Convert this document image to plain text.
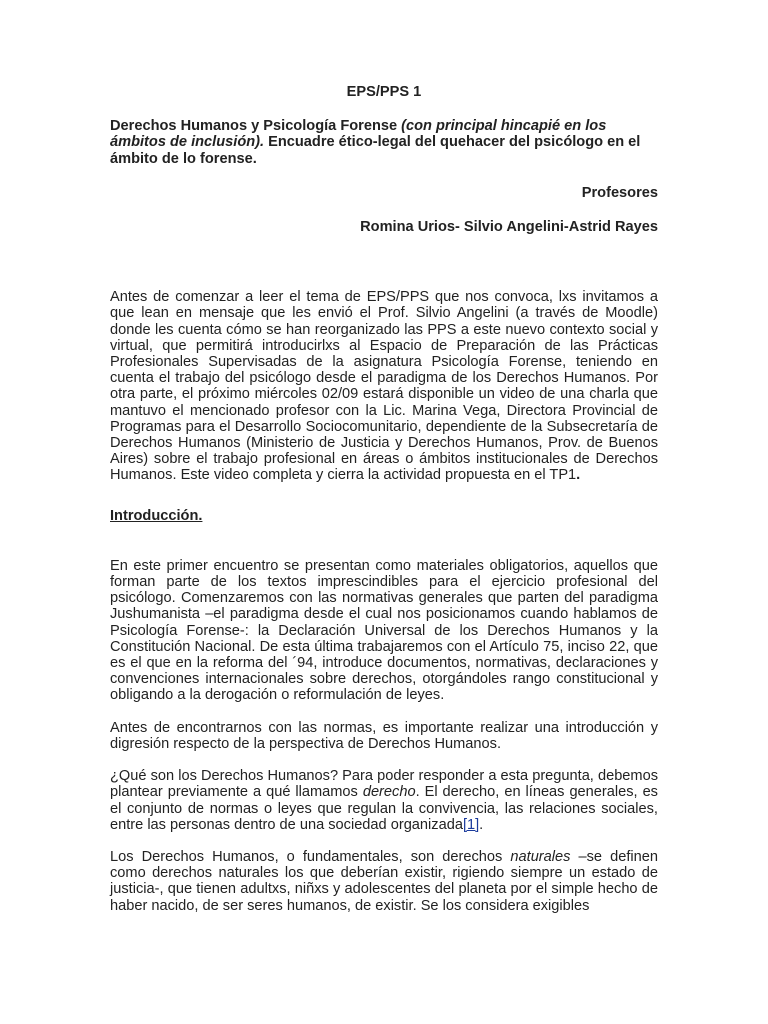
EPS/PPS 1
Derechos Humanos y Psicología Forense (con principal hincapié en los ámbitos de inclusión). Encuadre ético-legal del quehacer del psicólogo en el ámbito de lo forense.
Profesores
Romina Urios- Silvio Angelini-Astrid Rayes

Antes de comenzar a leer el tema de EPS/PPS que nos convoca, lxs invitamos a que lean en mensaje que les envió el Prof. Silvio Angelini (a través de Moodle) donde les cuenta cómo se han reorganizado las PPS a este nuevo contexto social y virtual, que permitirá introducirlxs al Espacio de Preparación de las Prácticas Profesionales Supervisadas de la asignatura Psicología Forense, teniendo en cuenta el trabajo del psicólogo desde el paradigma de los Derechos Humanos. Por otra parte, el próximo miércoles 02/09 estará disponible un video de una charla que mantuvo el mencionado profesor con la Lic. Marina Vega, Directora Provincial de Programas para el Desarrollo Sociocomunitario, dependiente de la Subsecretaría de Derechos Humanos (Ministerio de Justicia y Derechos Humanos, Prov. de Buenos Aires) sobre el trabajo profesional en áreas o ámbitos institucionales de Derechos Humanos. Este video completa y cierra la actividad propuesta en el TP1.

Introducción.

En este primer encuentro se presentan como materiales obligatorios, aquellos que forman parte de los textos imprescindibles para el ejercicio profesional del psicólogo. Comenzaremos con las normativas generales que parten del paradigma Jushumanista –el paradigma desde el cual nos posicionamos cuando hablamos de Psicología Forense-: la Declaración Universal de los Derechos Humanos y la Constitución Nacional. De esta última trabajaremos con el Artículo 75, inciso 22, que es el que en la reforma del ´94, introduce documentos, normativas, declaraciones y convenciones internacionales sobre derechos, otorgándoles rango constitucional y obligando a la derogación o reformulación de leyes.

Antes de encontrarnos con las normas, es importante realizar una introducción y digresión respecto de la perspectiva de Derechos Humanos.

¿Qué son los Derechos Humanos? Para poder responder a esta pregunta, debemos plantear previamente a qué llamamos derecho. El derecho, en líneas generales, es el conjunto de normas o leyes que regulan la convivencia, las relaciones sociales, entre las personas dentro de una sociedad organizada[1].

Los Derechos Humanos, o fundamentales, son derechos naturales –se definen como derechos naturales los que deberían existir, rigiendo siempre un estado de justicia-, que tienen adultxs, niñxs y adolescentes del planeta por el simple hecho de haber nacido, de ser seres humanos, de existir. Se los considera exigibles
